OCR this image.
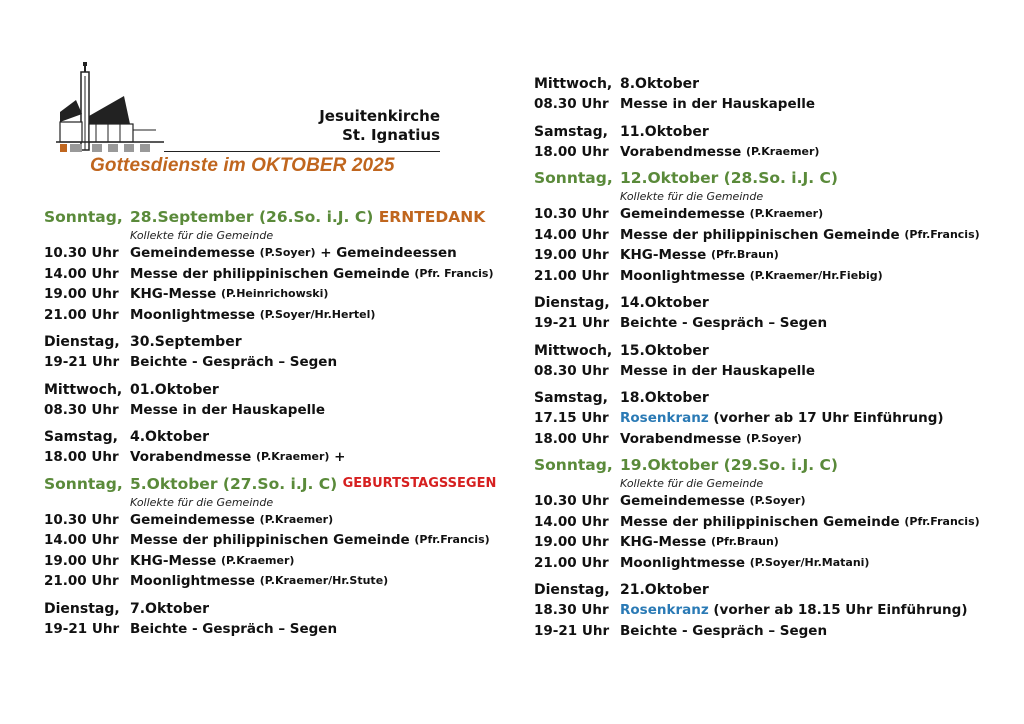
Jesuitenkirche
St. Ignatius
Gottesdienste im OKTOBER 2025
Sonntag, 28.September (26.So. i.J. C)
ERNTEDANK
Kollekte für die Gemeinde
10.30 Uhr Gemeindemesse
(P.Soyer)
+ Gemeindeessen
14.00 Uhr Messe der philippinischen Gemeinde
(Pfr. Francis)
19.00 Uhr KHG-Messe
(P.Heinrichowski)
21.00 Uhr Moonlightmesse
(P.Soyer/Hr.Hertel)
Dienstag, 30.September
19-21 Uhr Beichte - Gespräch – Segen
Mittwoch, 01.Oktober
08.30 Uhr Messe in der Hauskapelle
Samstag, 4.Oktober
18.00 Uhr Vorabendmesse
(P.Kraemer)
+
Sonntag, 5.Oktober (27.So. i.J. C)
GEBURTSTAGSSEGEN
Kollekte für die Gemeinde
10.30 Uhr Gemeindemesse
(P.Kraemer)
14.00 Uhr Messe der philippinischen Gemeinde
(Pfr.Francis)
19.00 Uhr KHG-Messe
(P.Kraemer)
21.00 Uhr Moonlightmesse
(P.Kraemer/Hr.Stute)
Dienstag, 7.Oktober
19-21 Uhr Beichte - Gespräch – Segen
Mittwoch, 8.Oktober
08.30 Uhr Messe in der Hauskapelle
Samstag, 11.Oktober
18.00 Uhr Vorabendmesse
(P.Kraemer)
Sonntag, 12.Oktober (28.So. i.J. C)
Kollekte für die Gemeinde
10.30 Uhr Gemeindemesse
(P.Kraemer)
14.00 Uhr Messe der philippinischen Gemeinde
(Pfr.Francis)
19.00 Uhr KHG-Messe
(Pfr.Braun)
21.00 Uhr Moonlightmesse
(P.Kraemer/Hr.Fiebig)
Dienstag, 14.Oktober
19-21 Uhr Beichte - Gespräch – Segen
Mittwoch, 15.Oktober
08.30 Uhr Messe in der Hauskapelle
Samstag, 18.Oktober
17.15 Uhr Rosenkranz
(vorher ab 17 Uhr Einführung)
18.00 Uhr Vorabendmesse
(P.Soyer)
Sonntag, 19.Oktober (29.So. i.J. C)
Kollekte für die Gemeinde
10.30 Uhr Gemeindemesse
(P.Soyer)
14.00 Uhr Messe der philippinischen Gemeinde
(Pfr.Francis)
19.00 Uhr KHG-Messe
(Pfr.Braun)
21.00 Uhr Moonlightmesse
(P.Soyer/Hr.Matani)
Dienstag, 21.Oktober
18.30 Uhr Rosenkranz
(vorher ab 18.15 Uhr Einführung)
19-21 Uhr Beichte - Gespräch – Segen
